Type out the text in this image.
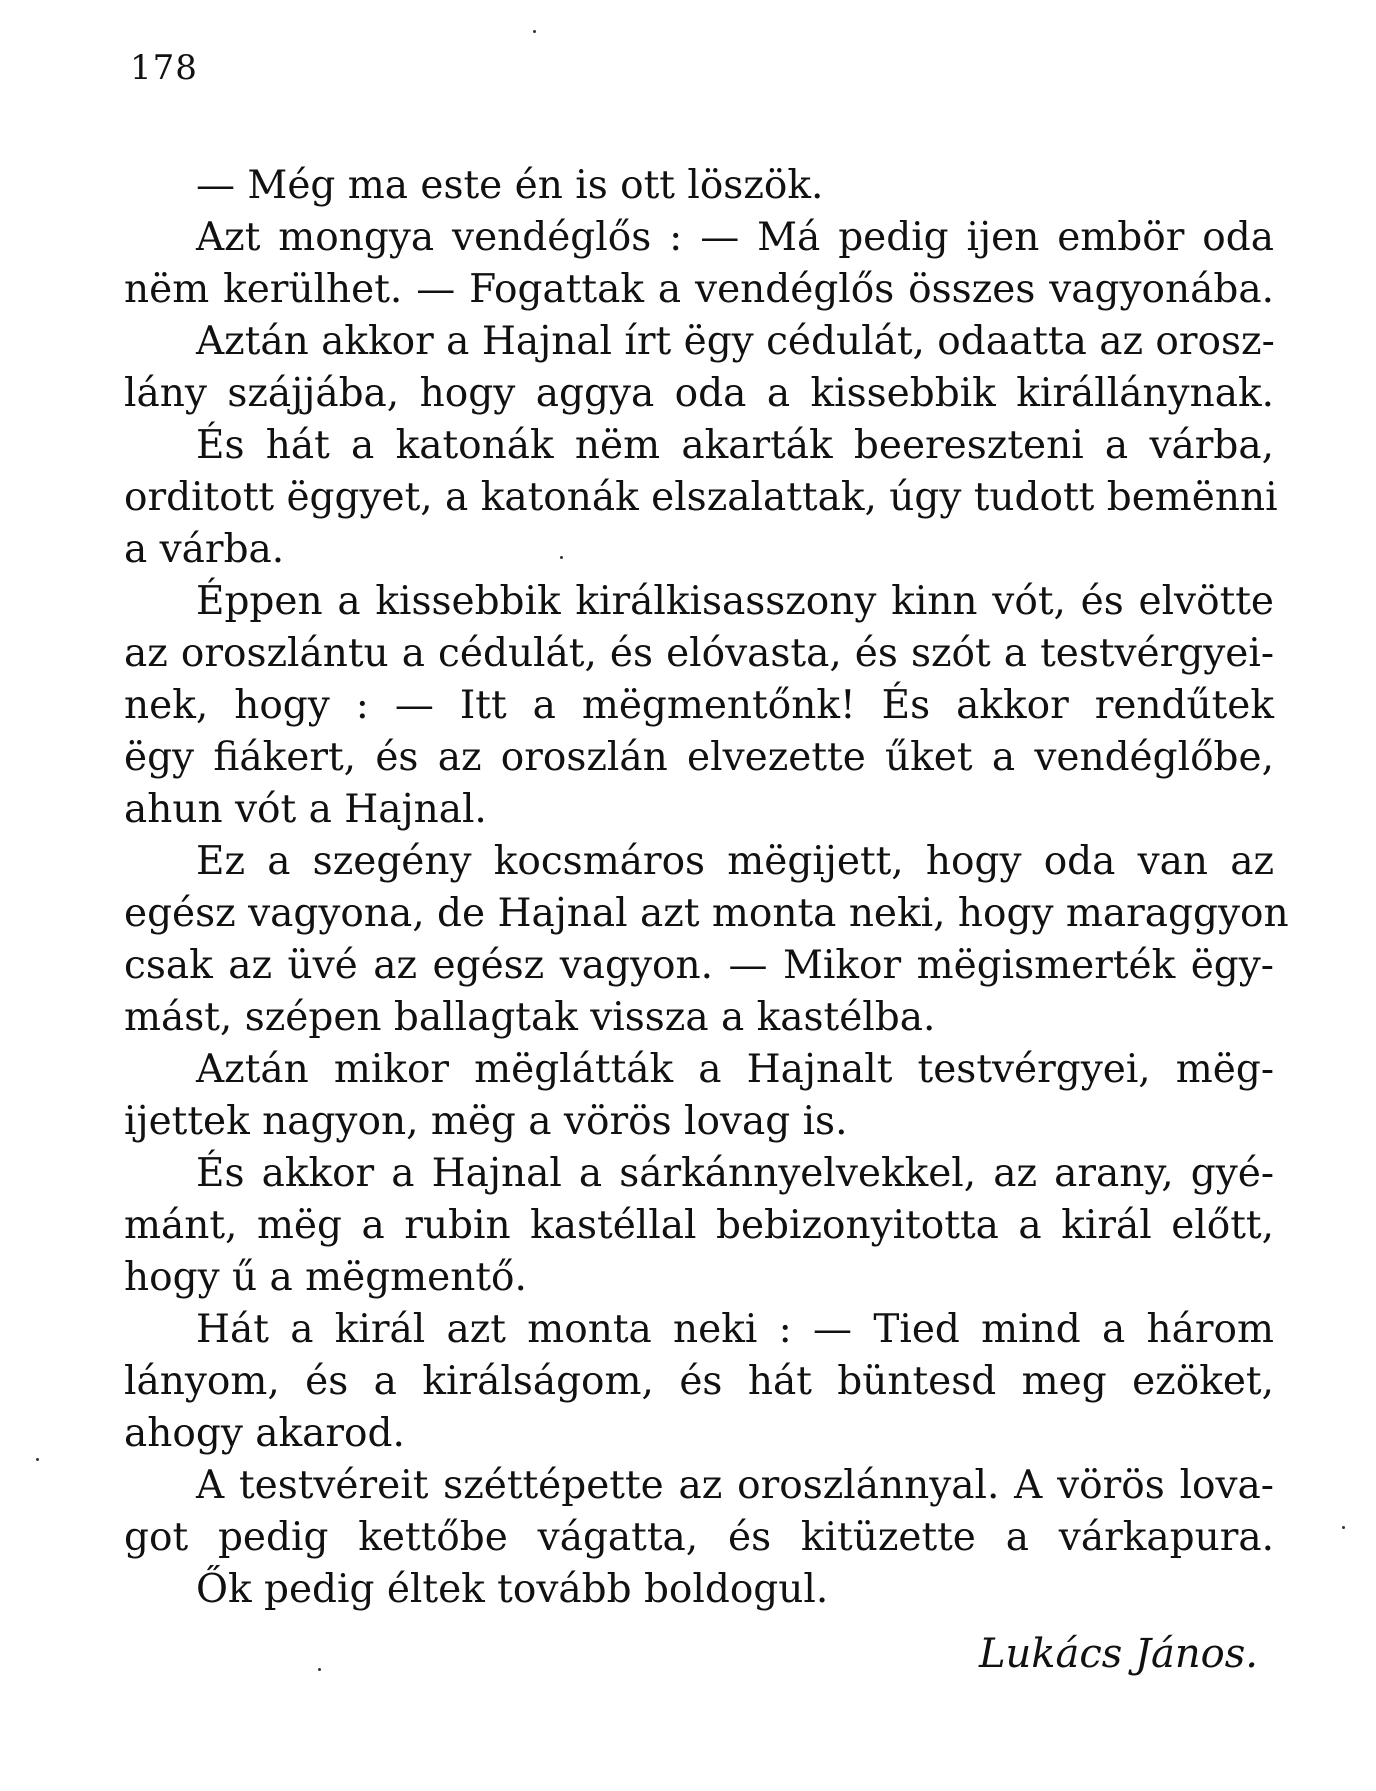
178
— Még ma este én is ott löszök.
Azt mongya vendéglős : — Má pedig ijen embör oda
nëm kerülhet. — Fogattak a vendéglős összes vagyonába.
Aztán akkor a Hajnal írt ëgy cédulát, odaatta az orosz-
lány szájjába, hogy aggya oda a kissebbik királlánynak.
És hát a katonák nëm akarták beereszteni a várba,
orditott ëggyet, a katonák elszalattak, úgy tudott bemënni
a várba.
Éppen a kissebbik királkisasszony kinn vót, és elvötte
az oroszlántu a cédulát, és elóvasta, és szót a testvérgyei-
nek, hogy : — Itt a mëgmentőnk! És akkor rendűtek
ëgy fiákert, és az oroszlán elvezette űket a vendéglőbe,
ahun vót a Hajnal.
Ez a szegény kocsmáros mëgijett, hogy oda van az
egész vagyona, de Hajnal azt monta neki, hogy maraggyon
csak az üvé az egész vagyon. — Mikor mëgismerték ëgy-
mást, szépen ballagtak vissza a kastélba.
Aztán mikor mëglátták a Hajnalt testvérgyei, mëg-
ijettek nagyon, mëg a vörös lovag is.
És akkor a Hajnal a sárkánnyelvekkel, az arany, gyé-
mánt, mëg a rubin kastéllal bebizonyitotta a királ előtt,
hogy ű a mëgmentő.
Hát a királ azt monta neki : — Tied mind a három
lányom, és a királságom, és hát büntesd meg ezöket,
ahogy akarod.
A testvéreit széttépette az oroszlánnyal. A vörös lova-
got pedig kettőbe vágatta, és kitüzette a várkapura.
Ők pedig éltek tovább boldogul.
Lukács János.
